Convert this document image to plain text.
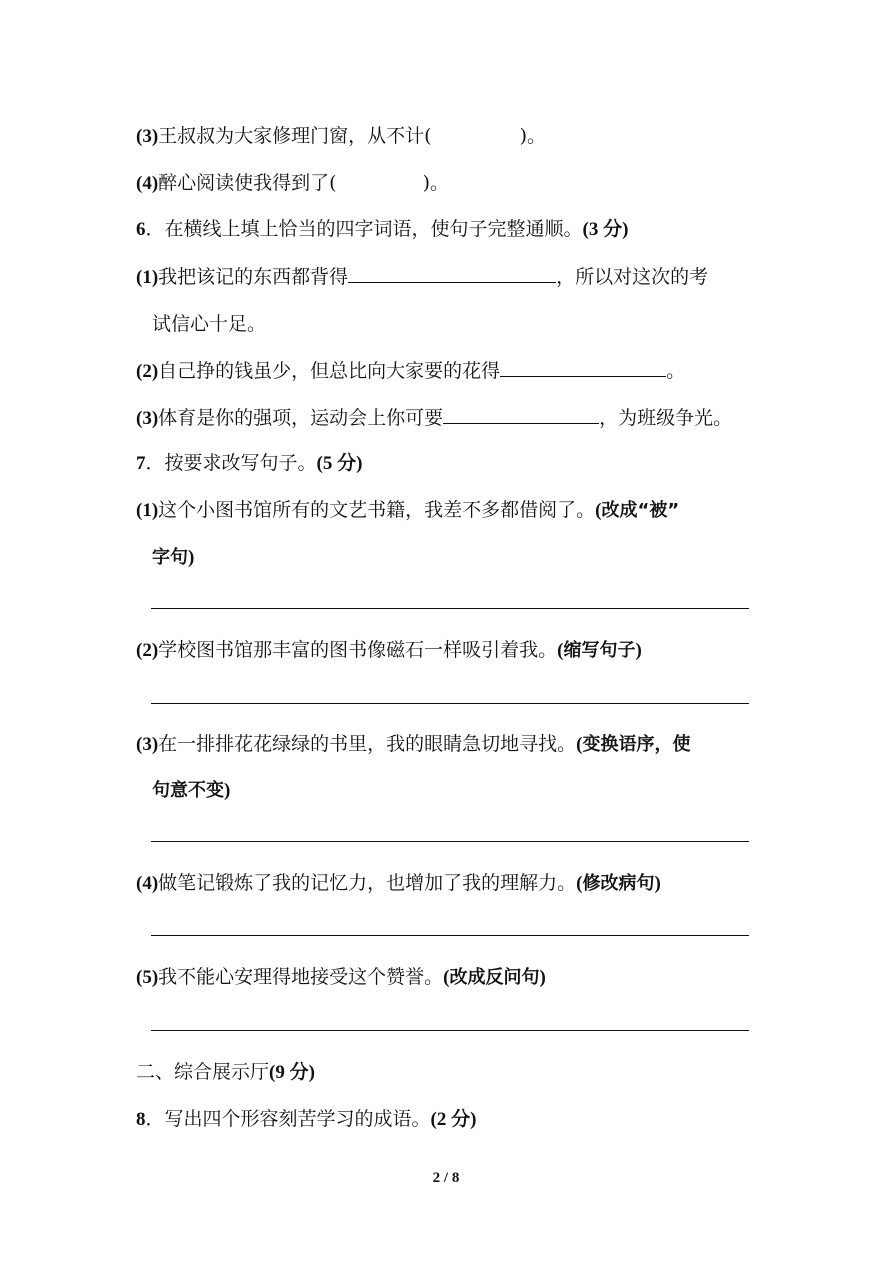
(3)王叔叔为大家修理门窗，从不计(	)。
(4)醉心阅读使我得到了(	)。
6．在横线上填上恰当的四字词语，使句子完整通顺。(3 分)
(1)我把该记的东西都背得	，所以对这次的考
试信心十足。
(2)自己挣的钱虽少，但总比向大家要的花得	。
(3)体育是你的强项，运动会上你可要	，为班级争光。
7．按要求改写句子。(5 分)
(1)这个小图书馆所有的文艺书籍，我差不多都借阅了。(改成“被”
字句)
(2)学校图书馆那丰富的图书像磁石一样吸引着我。(缩写句子)
(3)在一排排花花绿绿的书里，我的眼睛急切地寻找。(变换语序，使
句意不变)
(4)做笔记锻炼了我的记忆力，也增加了我的理解力。(修改病句)
(5)我不能心安理得地接受这个赞誉。(改成反问句)
二、综合展示厅(9 分)
8．写出四个形容刻苦学习的成语。(2 分)
2 / 8
